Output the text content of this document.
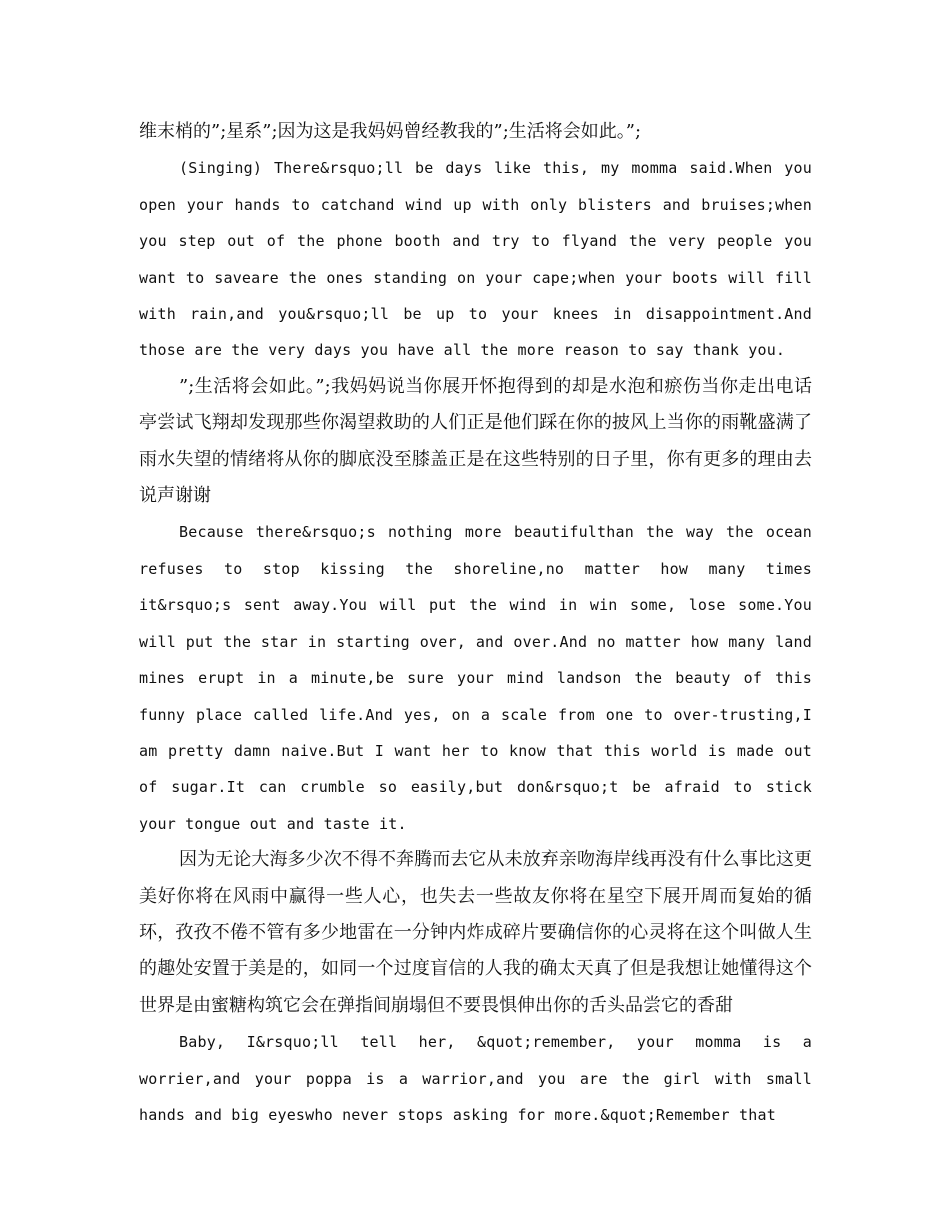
维末梢的”;星系”;因为这是我妈妈曾经教我的”;生活将会如此。”;

(Singing) There&rsquo;ll be days like this, my momma said.When you open your hands to catchand wind up with only blisters and bruises;when you step out of the phone booth and try to flyand the very people you want to saveare the ones standing on your cape;when your boots will fill with rain,and you&rsquo;ll be up to your knees in disappointment.And those are the very days you have all the more reason to say thank you.

”;生活将会如此。”;我妈妈说当你展开怀抱得到的却是水泡和瘀伤当你走出电话亭尝试飞翔却发现那些你渴望救助的人们正是他们踩在你的披风上当你的雨靴盛满了雨水失望的情绪将从你的脚底没至膝盖正是在这些特别的日子里，你有更多的理由去说声谢谢

Because there&rsquo;s nothing more beautifulthan the way the ocean refuses to stop kissing the shoreline,no matter how many times it&rsquo;s sent away.You will put the wind in win some, lose some.You will put the star in starting over, and over.And no matter how many land mines erupt in a minute,be sure your mind landson the beauty of this funny place called life.And yes, on a scale from one to over-trusting,I am pretty damn naive.But I want her to know that this world is made out of sugar.It can crumble so easily,but don&rsquo;t be afraid to stick your tongue out and taste it.

因为无论大海多少次不得不奔腾而去它从未放弃亲吻海岸线再没有什么事比这更美好你将在风雨中赢得一些人心，也失去一些故友你将在星空下展开周而复始的循环，孜孜不倦不管有多少地雷在一分钟内炸成碎片要确信你的心灵将在这个叫做人生的趣处安置于美是的，如同一个过度盲信的人我的确太天真了但是我想让她懂得这个世界是由蜜糖构筑它会在弹指间崩塌但不要畏惧伸出你的舌头品尝它的香甜

Baby, I&rsquo;ll tell her, &quot;remember, your momma is a worrier,and your poppa is a warrior,and you are the girl with small hands and big eyeswho never stops asking for more.&quot;Remember that
